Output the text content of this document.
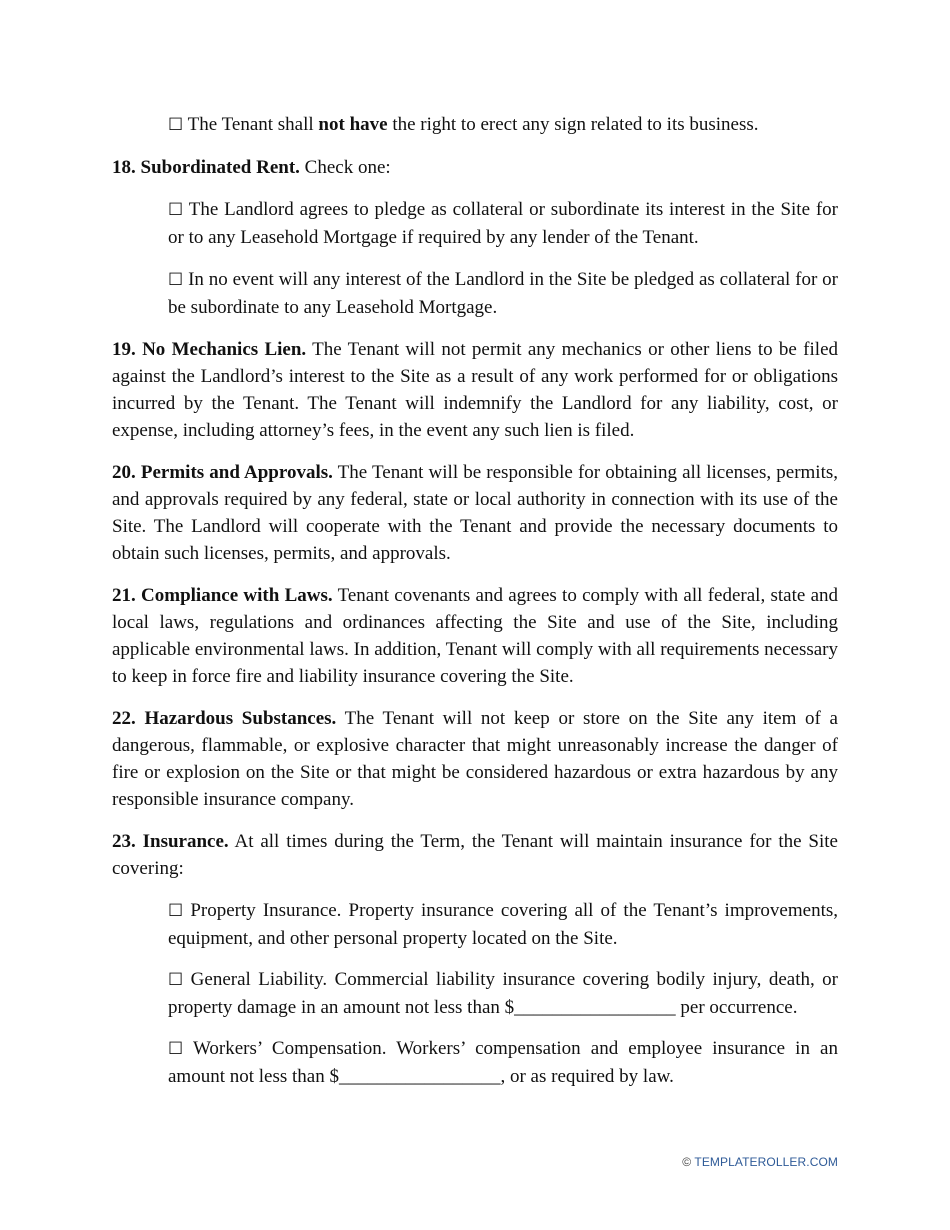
☐ The Tenant shall not have the right to erect any sign related to its business.

18. Subordinated Rent. Check one:

☐ The Landlord agrees to pledge as collateral or subordinate its interest in the Site for or to any Leasehold Mortgage if required by any lender of the Tenant.

☐ In no event will any interest of the Landlord in the Site be pledged as collateral for or be subordinate to any Leasehold Mortgage.

19. No Mechanics Lien. The Tenant will not permit any mechanics or other liens to be filed against the Landlord’s interest to the Site as a result of any work performed for or obligations incurred by the Tenant. The Tenant will indemnify the Landlord for any liability, cost, or expense, including attorney’s fees, in the event any such lien is filed.

20. Permits and Approvals. The Tenant will be responsible for obtaining all licenses, permits, and approvals required by any federal, state or local authority in connection with its use of the Site. The Landlord will cooperate with the Tenant and provide the necessary documents to obtain such licenses, permits, and approvals.

21. Compliance with Laws. Tenant covenants and agrees to comply with all federal, state and local laws, regulations and ordinances affecting the Site and use of the Site, including applicable environmental laws. In addition, Tenant will comply with all requirements necessary to keep in force fire and liability insurance covering the Site.

22. Hazardous Substances. The Tenant will not keep or store on the Site any item of a dangerous, flammable, or explosive character that might unreasonably increase the danger of fire or explosion on the Site or that might be considered hazardous or extra hazardous by any responsible insurance company.

23. Insurance. At all times during the Term, the Tenant will maintain insurance for the Site covering:

☐ Property Insurance. Property insurance covering all of the Tenant’s improvements, equipment, and other personal property located on the Site.

☐ General Liability. Commercial liability insurance covering bodily injury, death, or property damage in an amount not less than $_________________ per occurrence.

☐ Workers’ Compensation. Workers’ compensation and employee insurance in an amount not less than $_________________, or as required by law.

© TEMPLATEROLLER.COM
